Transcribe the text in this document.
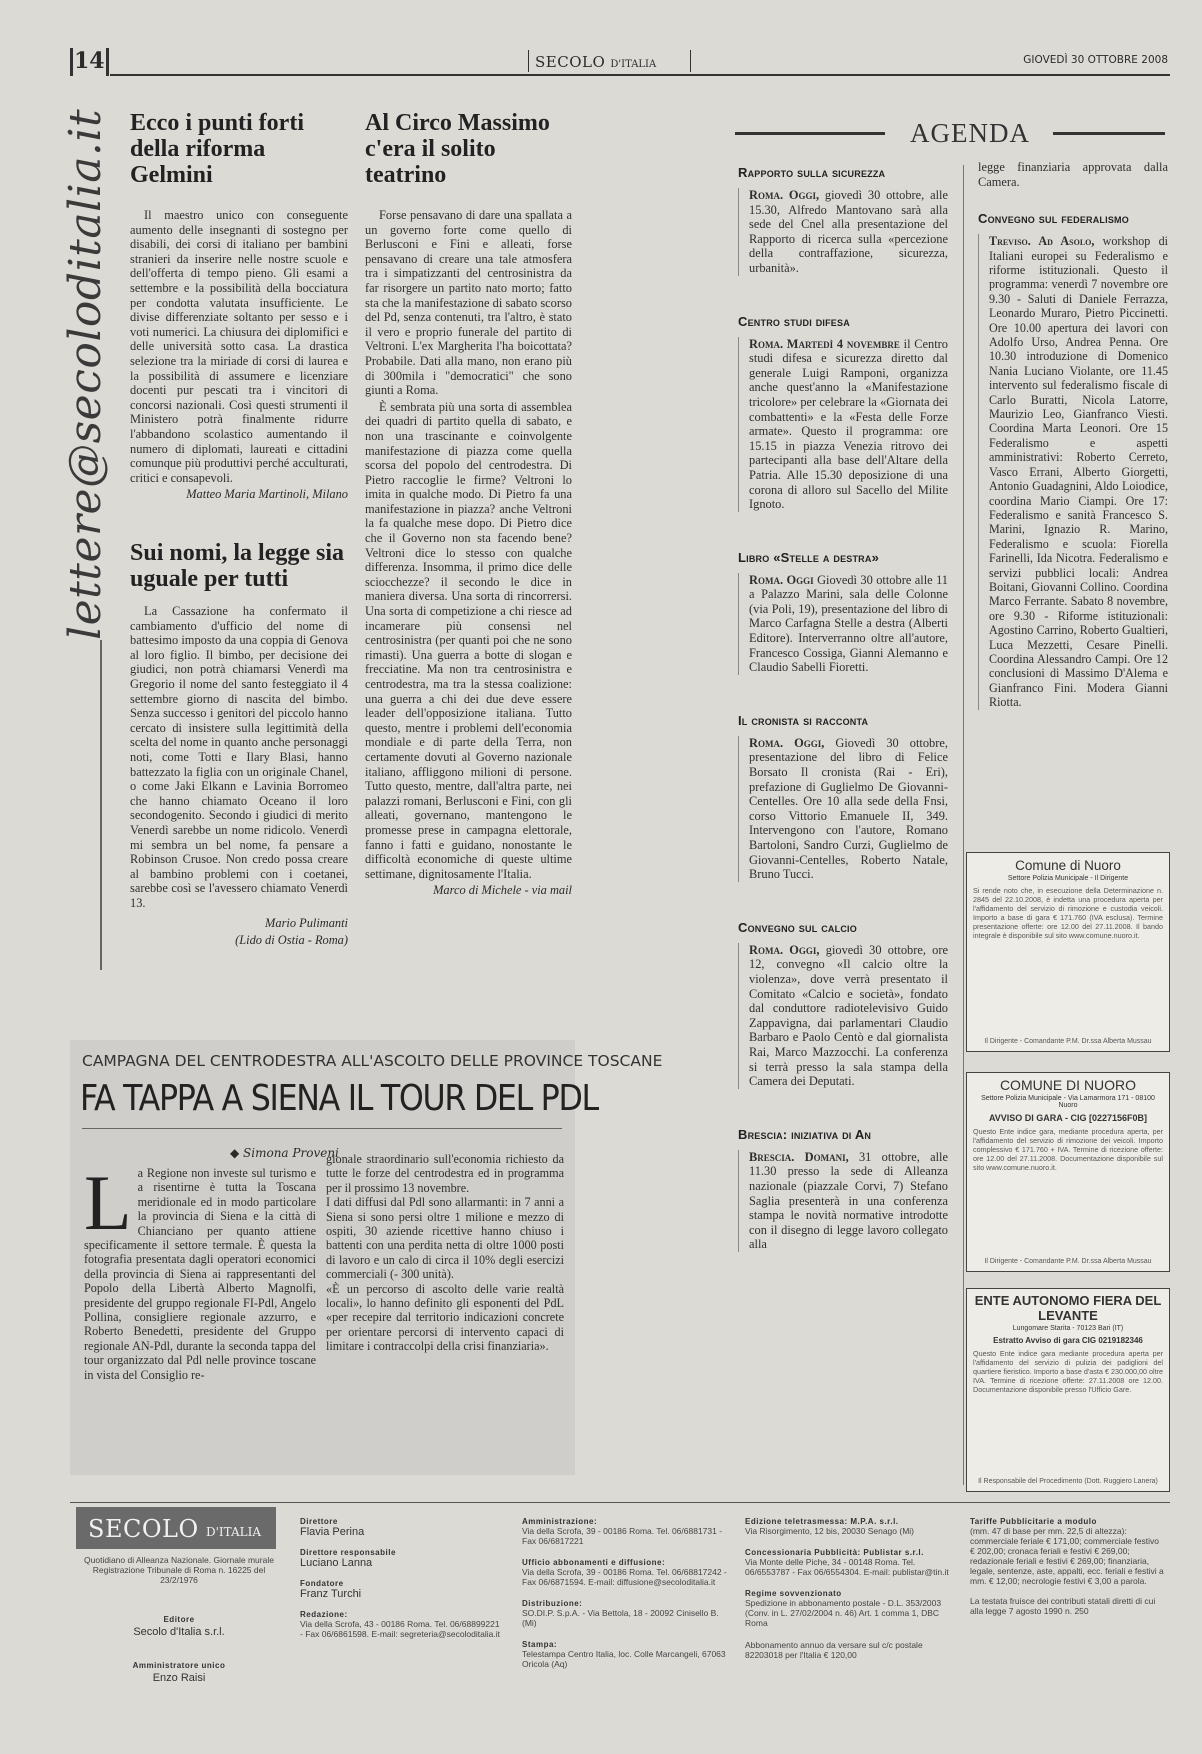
14	SECOLO D'ITALIA	GIOVEDÌ 30 OTTOBRE 2008
lettere@secoloditalia.it Ecco i punti forti della riforma Gelmini

Il maestro unico con conseguente aumento delle insegnanti di sostegno per disabili, dei corsi di italiano per bambini stranieri da inserire nelle nostre scuole e dell'offerta di tempo pieno. Gli esami a settembre e la possibilità della bocciatura per condotta valutata insufficiente. Le divise differenziate soltanto per sesso e i voti numerici. La chiusura dei diplomifici e delle università sotto casa. La drastica selezione tra la miriade di corsi di laurea e la possibilità di assumere e licenziare docenti pur pescati tra i vincitori di concorsi nazionali. Così questi strumenti il Ministero potrà finalmente ridurre l'abbandono scolastico aumentando il numero di diplomati, laureati e cittadini comunque più produttivi perché acculturati, critici e consapevoli.

Matteo Maria Martinoli, Milano

Sui nomi, la legge sia uguale per tutti

La Cassazione ha confermato il cambiamento d'ufficio del nome di battesimo imposto da una coppia di Genova al loro figlio. Il bimbo, per decisione dei giudici, non potrà chiamarsi Venerdì ma Gregorio il nome del santo festeggiato il 4 settembre giorno di nascita del bimbo. Senza successo i genitori del piccolo hanno cercato di insistere sulla legittimità della scelta del nome in quanto anche personaggi noti, come Totti e Ilary Blasi, hanno battezzato la figlia con un originale Chanel, o come Jaki Elkann e Lavinia Borromeo che hanno chiamato Oceano il loro secondogenito. Secondo i giudici di merito Venerdì sarebbe un nome ridicolo. Venerdì mi sembra un bel nome, fa pensare a Robinson Crusoe. Non credo possa creare al bambino problemi con i coetanei, sarebbe così se l'avessero chiamato Venerdì 13.

Mario Pulimanti

(Lido di Ostia - Roma)

Al Circo Massimo c'era il solito teatrino

Forse pensavano di dare una spallata a un governo forte come quello di Berlusconi e Fini e alleati, forse pensavano di creare una tale atmosfera tra i simpatizzanti del centrosinistra da far risorgere un partito nato morto; fatto sta che la manifestazione di sabato scorso del Pd, senza contenuti, tra l'altro, è stato il vero e proprio funerale del partito di Veltroni. L'ex Margherita l'ha boicottata? Probabile. Dati alla mano, non erano più di 300mila i "democratici" che sono giunti a Roma.

È sembrata più una sorta di assemblea dei quadri di partito quella di sabato, e non una trascinante e coinvolgente manifestazione di piazza come quella scorsa del popolo del centrodestra. Di Pietro raccoglie le firme? Veltroni lo imita in qualche modo. Di Pietro fa una manifestazione in piazza? anche Veltroni la fa qualche mese dopo. Di Pietro dice che il Governo non sta facendo bene? Veltroni dice lo stesso con qualche differenza. Insomma, il primo dice delle sciocchezze? il secondo le dice in maniera diversa. Una sorta di rincorrersi. Una sorta di competizione a chi riesce ad incamerare più consensi nel centrosinistra (per quanti poi che ne sono rimasti). Una guerra a botte di slogan e frecciatine. Ma non tra centrosinistra e centrodestra, ma tra la stessa coalizione: una guerra a chi dei due deve essere leader dell'opposizione italiana. Tutto questo, mentre i problemi dell'economia mondiale e di parte della Terra, non certamente dovuti al Governo nazionale italiano, affliggono milioni di persone. Tutto questo, mentre, dall'altra parte, nei palazzi romani, Berlusconi e Fini, con gli alleati, governano, mantengono le promesse prese in campagna elettorale, fanno i fatti e guidano, nonostante le difficoltà economiche di queste ultime settimane, dignitosamente l'Italia.

Marco di Michele - via mail

CAMPAGNA DEL CENTRODESTRA ALL'ASCOLTO DELLE PROVINCE TOSCANE
FA TAPPA A SIENA IL TOUR DEL PDL
◆ Simona Proveni
L a Regione non investe sul turismo e a risentirne è tutta la Toscana meridionale ed in modo particolare la provincia di Siena e la città di Chianciano per quanto attiene specificamente il settore termale. È questa la fotografia presentata dagli operatori economici della provincia di Siena ai rappresentanti del Popolo della Libertà Alberto Magnolfi, presidente del gruppo regionale FI-Pdl, Angelo Pollina, consigliere regionale azzurro, e Roberto Benedetti, presidente del Gruppo regionale AN-Pdl, durante la seconda tappa del tour organizzato dal Pdl nelle province toscane in vista del Consiglio re-

gionale straordinario sull'economia richiesto da tutte le forze del centrodestra ed in programma per il prossimo 13 novembre.
I dati diffusi dal Pdl sono allarmanti: in 7 anni a Siena si sono persi oltre 1 milione e mezzo di ospiti, 30 aziende ricettive hanno chiuso i battenti con una perdita netta di oltre 1000 posti di lavoro e un calo di circa il 10% degli esercizi commerciali (- 300 unità).
«È un percorso di ascolto delle varie realtà locali», lo hanno definito gli esponenti del PdL «per recepire dal territorio indicazioni concrete per orientare percorsi di intervento capaci di limitare i contraccolpi della crisi finanziaria».

AGENDA
Rapporto sulla sicurezza

Roma. Oggi, giovedì 30 ottobre, alle 15.30, Alfredo Mantovano sarà alla sede del Cnel alla presentazione del Rapporto di ricerca sulla «percezione della contraffazione, sicurezza, urbanità».

Centro studi difesa

Roma. Martedì 4 novembre il Centro studi difesa e sicurezza diretto dal generale Luigi Ramponi, organizza anche quest'anno la «Manifestazione tricolore» per celebrare la «Giornata dei combattenti» e la «Festa delle Forze armate». Questo il programma: ore 15.15 in piazza Venezia ritrovo dei partecipanti alla base dell'Altare della Patria. Alle 15.30 deposizione di una corona di alloro sul Sacello del Milite Ignoto.

Libro «Stelle a destra»

Roma. Oggi Giovedì 30 ottobre alle 11 a Palazzo Marini, sala delle Colonne (via Poli, 19), presentazione del libro di Marco Carfagna Stelle a destra (Alberti Editore). Interverranno oltre all'autore, Francesco Cossiga, Gianni Alemanno e Claudio Sabelli Fioretti.

Il cronista si racconta

Roma. Oggi, Giovedì 30 ottobre, presentazione del libro di Felice Borsato Il cronista (Rai - Eri), prefazione di Guglielmo De Giovanni-Centelles. Ore 10 alla sede della Fnsi, corso Vittorio Emanuele II, 349. Intervengono con l'autore, Romano Bartoloni, Sandro Curzi, Guglielmo de Giovanni-Centelles, Roberto Natale, Bruno Tucci.

Convegno sul calcio

Roma. Oggi, giovedì 30 ottobre, ore 12, convegno «Il calcio oltre la violenza», dove verrà presentato il Comitato «Calcio e società», fondato dal conduttore radiotelevisivo Guido Zappavigna, dai parlamentari Claudio Barbaro e Paolo Centò e dal giornalista Rai, Marco Mazzocchi. La conferenza si terrà presso la sala stampa della Camera dei Deputati.

Brescia: iniziativa di An

Brescia. Domani, 31 ottobre, alle 11.30 presso la sede di Alleanza nazionale (piazzale Corvi, 7) Stefano Saglia presenterà in una conferenza stampa le novità normative introdotte con il disegno di legge lavoro collegato alla

legge finanziaria approvata dalla Camera.

Convegno sul federalismo

Treviso. Ad Asolo, workshop di Italiani europei su Federalismo e riforme istituzionali. Questo il programma: venerdì 7 novembre ore 9.30 - Saluti di Daniele Ferrazza, Leonardo Muraro, Pietro Piccinetti. Ore 10.00 apertura dei lavori con Adolfo Urso, Andrea Penna. Ore 10.30 introduzione di Domenico Nania Luciano Violante, ore 11.45 intervento sul federalismo fiscale di Carlo Buratti, Nicola Latorre, Maurizio Leo, Gianfranco Viesti. Coordina Marta Leonori. Ore 15 Federalismo e aspetti amministrativi: Roberto Cerreto, Vasco Errani, Alberto Giorgetti, Antonio Guadagnini, Aldo Loiodice, coordina Mario Ciampi. Ore 17: Federalismo e sanità Francesco S. Marini, Ignazio R. Marino, Federalismo e scuola: Fiorella Farinelli, Ida Nicotra. Federalismo e servizi pubblici locali: Andrea Boitani, Giovanni Collino. Coordina Marco Ferrante. Sabato 8 novembre, ore 9.30 - Riforme istituzionali: Agostino Carrino, Roberto Gualtieri, Luca Mezzetti, Cesare Pinelli. Coordina Alessandro Campi. Ore 12 conclusioni di Massimo D'Alema e Gianfranco Fini. Modera Gianni Riotta.

Comune di Nuoro
Settore Polizia Municipale - Il Dirigente
Si rende noto che, in esecuzione della Determinazione n. 2845 del 22.10.2008, è indetta una procedura aperta per l'affidamento del servizio di rimozione e custodia veicoli. Importo a base di gara € 171.760 (IVA esclusa). Termine presentazione offerte: ore 12.00 del 27.11.2008. Il bando integrale è disponibile sul sito www.comune.nuoro.it.
Il Dirigente - Comandante P.M. Dr.ssa Alberta Mussau
COMUNE DI NUORO
Settore Polizia Municipale - Via Lamarmora 171 - 08100 Nuoro
AVVISO DI GARA - CIG [0227156F0B]
Questo Ente indice gara, mediante procedura aperta, per l'affidamento del servizio di rimozione dei veicoli. Importo complessivo € 171.760 + IVA. Termine di ricezione offerte: ore 12.00 del 27.11.2008. Documentazione disponibile sul sito www.comune.nuoro.it.
Il Dirigente - Comandante P.M. Dr.ssa Alberta Mussau
ENTE AUTONOMO FIERA DEL LEVANTE
Lungomare Starita - 70123 Bari (IT)
Estratto Avviso di gara CIG 0219182346
Questo Ente indice gara mediante procedura aperta per l'affidamento del servizio di pulizia dei padiglioni del quartiere fieristico. Importo a base d'asta € 230.000,00 oltre IVA. Termine di ricezione offerte: 27.11.2008 ore 12.00. Documentazione disponibile presso l'Ufficio Gare.
Il Responsabile del Procedimento (Dott. Ruggiero Lanera)
SECOLO D'ITALIA
Quotidiano di Alleanza Nazionale. Giornale murale Registrazione Tribunale di Roma n. 16225 del 23/2/1976
Editore
Secolo d'Italia s.r.l.
Amministratore unico
Enzo Raisi
Direttore
Flavia Perina
Direttore responsabile
Luciano Lanna
Fondatore
Franz Turchi
Redazione:
Via della Scrofa, 43 - 00186 Roma. Tel. 06/68899221 - Fax 06/6861598. E-mail: segreteria@secoloditalia.it
Amministrazione:
Via della Scrofa, 39 - 00186 Roma. Tel. 06/6881731 - Fax 06/6817221
Ufficio abbonamenti e diffusione:
Via della Scrofa, 39 - 00186 Roma. Tel. 06/68817242 - Fax 06/6871594. E-mail: diffusione@secoloditalia.it
Distribuzione:
SO.DI.P. S.p.A. - Via Bettola, 18 - 20092 Cinisello B. (Mi)
Stampa:
Telestampa Centro Italia, loc. Colle Marcangeli, 67063 Oricola (Aq)
Edizione teletrasmessa: M.P.A. s.r.l.
Via Risorgimento, 12 bis, 20030 Senago (Mi)
Concessionaria Pubblicità: Publistar s.r.l.
Via Monte delle Piche, 34 - 00148 Roma. Tel. 06/6553787 - Fax 06/6554304. E-mail: publistar@tin.it
Regime sovvenzionato
Spedizione in abbonamento postale - D.L. 353/2003 (Conv. in L. 27/02/2004 n. 46) Art. 1 comma 1, DBC Roma
Abbonamento annuo da versare sul c/c postale 82203018 per l'Italia € 120,00
Tariffe Pubblicitarie a modulo
(mm. 47 di base per mm. 22,5 di altezza): commerciale feriale € 171,00; commerciale festivo € 202,00; cronaca feriali e festivi € 269,00; redazionale feriali e festivi € 269,00; finanziaria, legale, sentenze, aste, appalti, ecc. feriali e festivi a mm. € 12,00; necrologie festivi € 3,00 a parola.
La testata fruisce dei contributi statali diretti di cui alla legge 7 agosto 1990 n. 250
